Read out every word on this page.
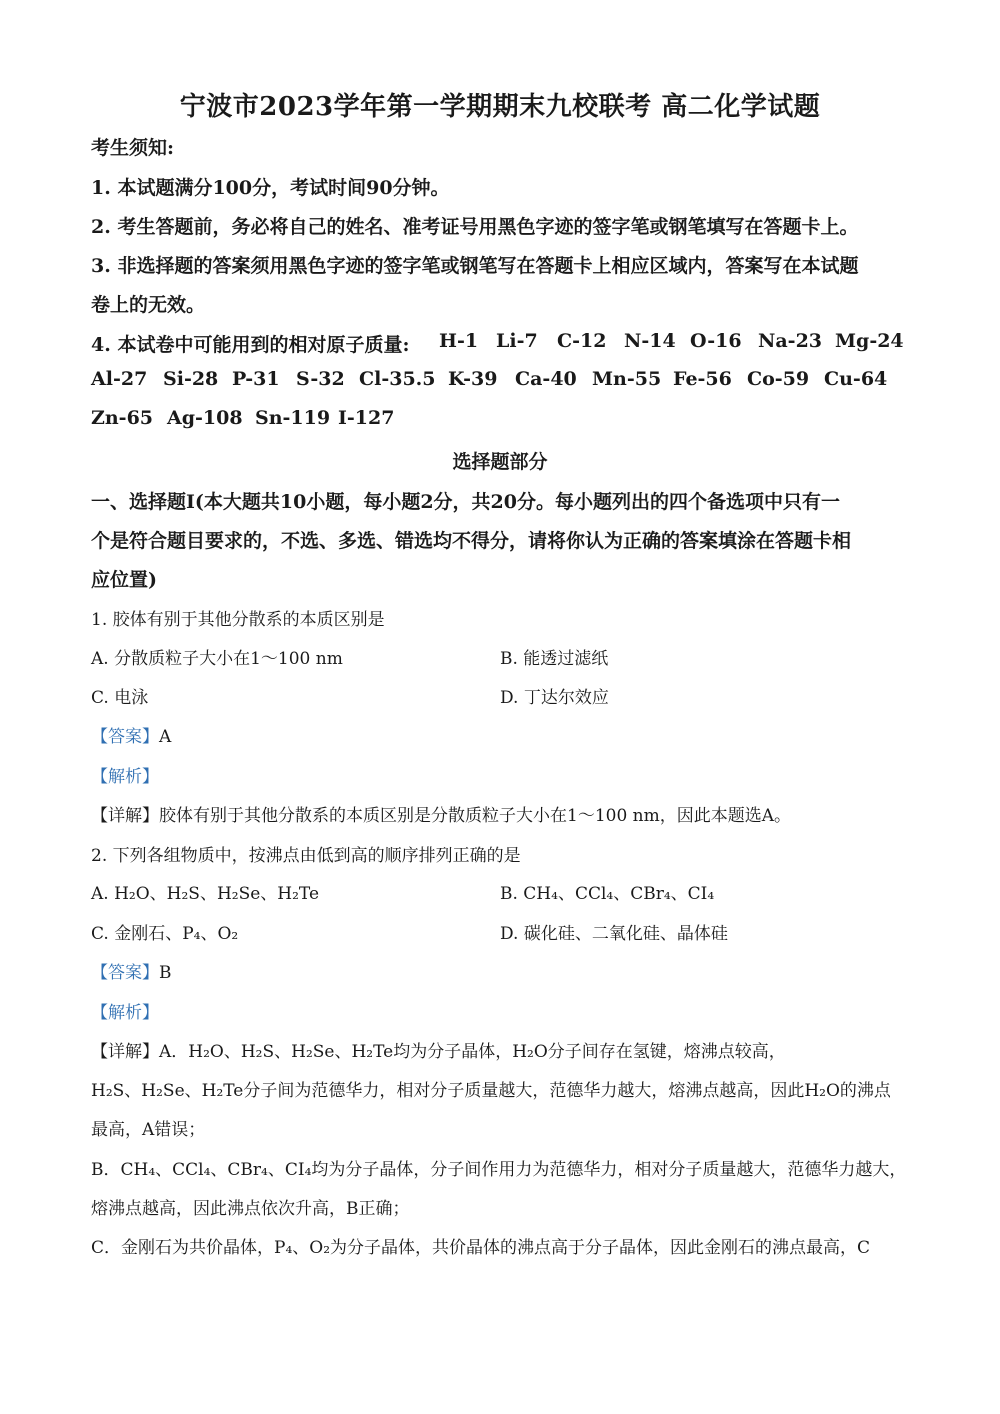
宁波市2023学年第一学期期末九校联考 高二化学试题
考生须知:
1. 本试题满分100分，考试时间90分钟。
2. 考生答题前，务必将自己的姓名、准考证号用黑色字迹的签字笔或钢笔填写在答题卡上。
3. 非选择题的答案须用黑色字迹的签字笔或钢笔写在答题卡上相应区域内，答案写在本试题
卷上的无效。
4. 本试卷中可能用到的相对原子质量: H-1 Li-7 C-12 N-14 O-16 Na-23 Mg-24
Al-27 Si-28 P-31 S-32 Cl-35.5 K-39 Ca-40 Mn-55 Fe-56 Co-59 Cu-64
Zn-65 Ag-108 Sn-119 I-127
选择题部分
一、选择题Ⅰ(本大题共10小题，每小题2分，共20分。每小题列出的四个备选项中只有一
个是符合题目要求的，不选、多选、错选均不得分，请将你认为正确的答案填涂在答题卡相
应位置)
1. 胶体有别于其他分散系的本质区别是
A. 分散质粒子大小在1～100 nm	B. 能透过滤纸
C. 电泳	D. 丁达尔效应
【答案】A
【解析】
【详解】胶体有别于其他分散系的本质区别是分散质粒子大小在1～100 nm，因此本题选A。
2. 下列各组物质中，按沸点由低到高的顺序排列正确的是
A. H₂O、H₂S、H₂Se、H₂Te	B. CH₄、CCl₄、CBr₄、CI₄
C. 金刚石、P₄、O₂	D. 碳化硅、二氧化硅、晶体硅
【答案】B
【解析】
【详解】A．H₂O、H₂S、H₂Se、H₂Te均为分子晶体，H₂O分子间存在氢键，熔沸点较高，
H₂S、H₂Se、H₂Te分子间为范德华力，相对分子质量越大，范德华力越大，熔沸点越高，因此H₂O的沸点
最高，A错误；
B．CH₄、CCl₄、CBr₄、CI₄均为分子晶体，分子间作用力为范德华力，相对分子质量越大，范德华力越大，
熔沸点越高，因此沸点依次升高，B正确；
C．金刚石为共价晶体，P₄、O₂为分子晶体，共价晶体的沸点高于分子晶体，因此金刚石的沸点最高，C
